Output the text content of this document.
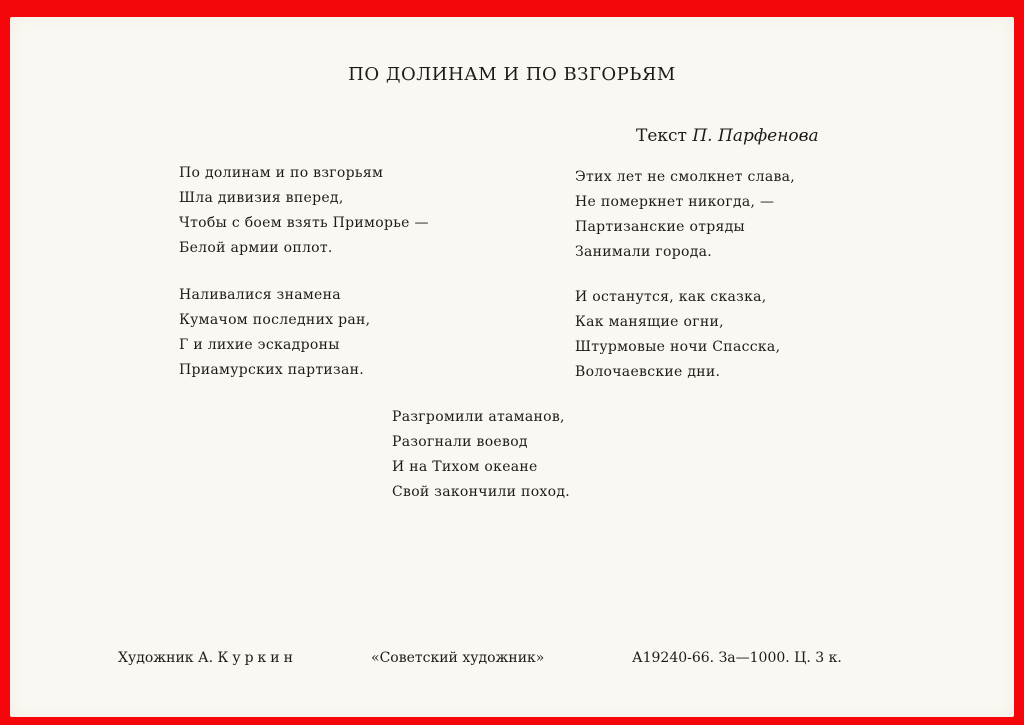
ПО ДОЛИНАМ И ПО ВЗГОРЬЯМ
Текст П. Парфенова
По долинам и по взгорьям
Шла дивизия вперед,
Чтобы с боем взять Приморье —
Белой армии оплот.
Наливалися знамена
Кумачом последних ран,
Г и лихие эскадроны
Приамурских партизан.
Этих лет не смолкнет слава,
Не померкнет никогда, —
Партизанские отряды
Занимали города.
И останутся, как сказка,
Как манящие огни,
Штурмовые ночи Спасска,
Волочаевские дни.
Разгромили атаманов,
Разогнали воевод
И на Тихом океане
Свой закончили поход.
Художник А. Куркин	«Советский художник»	А19240-66. За—1000. Ц. 3 к.
